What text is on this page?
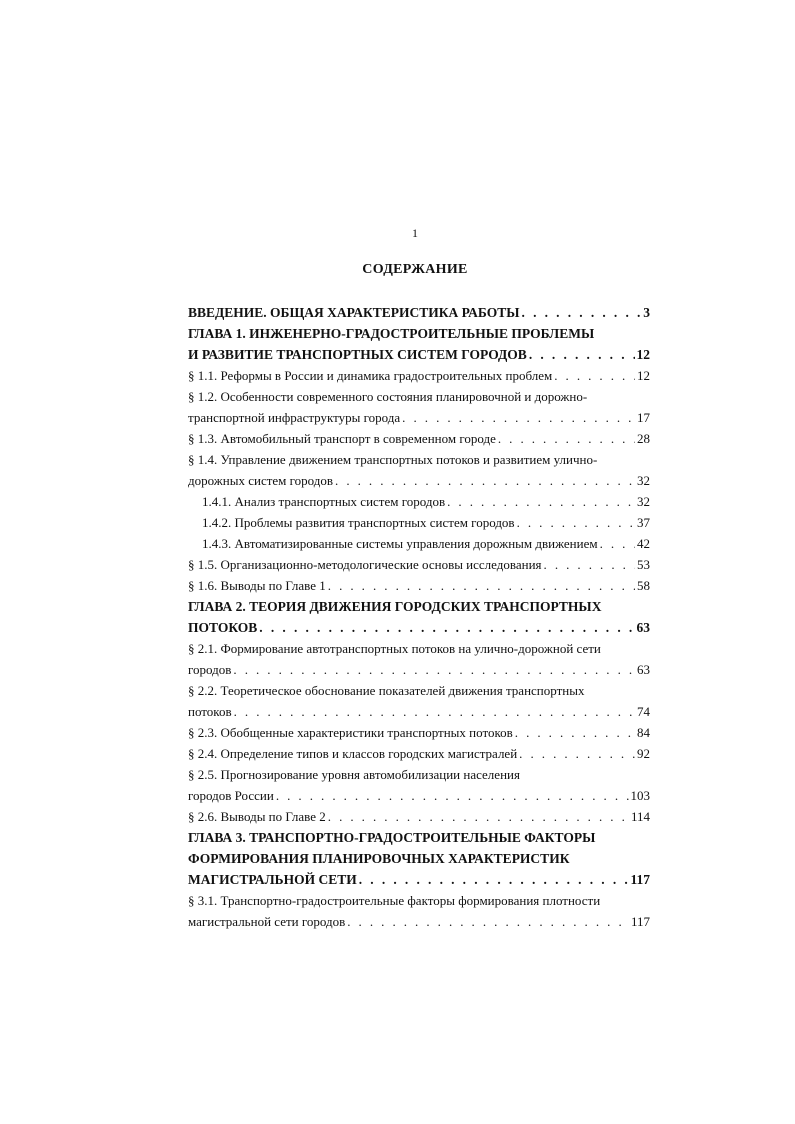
1
СОДЕРЖАНИЕ
ВВЕДЕНИЕ. ОБЩАЯ ХАРАКТЕРИСТИКА РАБОТЫ . . .	3
ГЛАВА 1. ИНЖЕНЕРНО-ГРАДОСТРОИТЕЛЬНЫЕ ПРОБЛЕМЫ
И РАЗВИТИЕ ТРАНСПОРТНЫХ СИСТЕМ ГОРОДОВ . . .	12
§ 1.1. Реформы в России и динамика градостроительных проблем . . .	12
§ 1.2. Особенности современного состояния планировочной и дорожно-
транспортной инфраструктуры города . . .	17
§ 1.3. Автомобильный транспорт в современном городе . . .	28
§ 1.4. Управление движением транспортных потоков и развитием улично-
дорожных систем городов . . .	32
1.4.1. Анализ транспортных систем городов . . .	32
1.4.2. Проблемы развития транспортных систем городов . . .	37
1.4.3. Автоматизированные системы управления дорожным движением . . .	42
§ 1.5. Организационно-методологические основы исследования . . .	53
§ 1.6. Выводы по Главе 1 . . .	58
ГЛАВА 2. ТЕОРИЯ ДВИЖЕНИЯ ГОРОДСКИХ ТРАНСПОРТНЫХ
ПОТОКОВ . . .	63
§ 2.1. Формирование автотранспортных потоков на улично-дорожной сети
городов . . .	63
§ 2.2. Теоретическое обоснование показателей движения транспортных
потоков . . .	74
§ 2.3. Обобщенные характеристики транспортных потоков . . .	84
§ 2.4. Определение типов и классов городских магистралей . . .	92
§ 2.5. Прогнозирование уровня автомобилизации населения
городов России . . .	103
§ 2.6. Выводы по Главе 2 . . .	114
ГЛАВА 3. ТРАНСПОРТНО-ГРАДОСТРОИТЕЛЬНЫЕ ФАКТОРЫ
ФОРМИРОВАНИЯ ПЛАНИРОВОЧНЫХ ХАРАКТЕРИСТИК
МАГИСТРАЛЬНОЙ СЕТИ . . .	117
§ 3.1. Транспортно-градостроительные факторы формирования плотности
магистральной сети городов . . .	117
